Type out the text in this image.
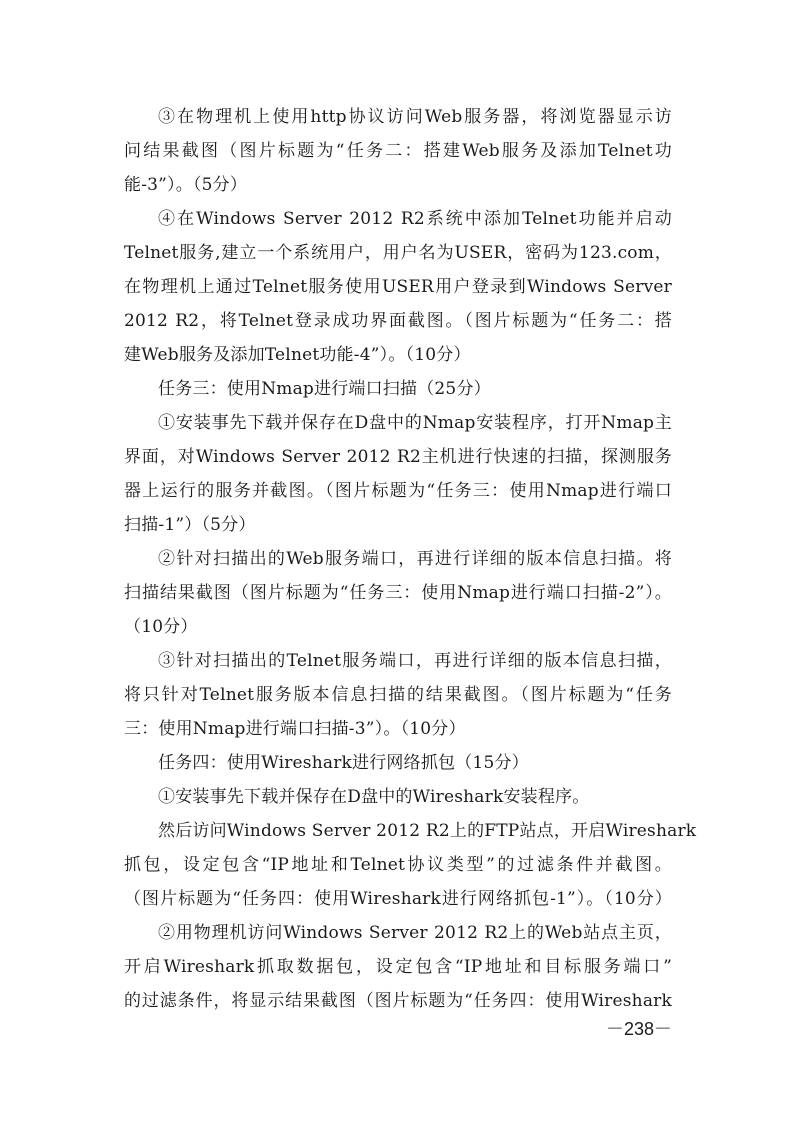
③在物理机上使用http协议访问Web服务器，将浏览器显示访
问结果截图（图片标题为“任务二：搭建Web服务及添加Telnet功
能-3”）。（5分）
④在Windows Server 2012 R2系统中添加Telnet功能并启动
Telnet服务,建立一个系统用户，用户名为USER，密码为123.com，
在物理机上通过Telnet服务使用USER用户登录到Windows Server
2012 R2，将Telnet登录成功界面截图。（图片标题为“任务二：搭
建Web服务及添加Telnet功能-4”）。（10分）
任务三：使用Nmap进行端口扫描（25分）
①安装事先下载并保存在D盘中的Nmap安装程序，打开Nmap主
界面，对Windows Server 2012 R2主机进行快速的扫描，探测服务
器上运行的服务并截图。（图片标题为“任务三：使用Nmap进行端口
扫描-1”）（5分）
②针对扫描出的Web服务端口，再进行详细的版本信息扫描。将
扫描结果截图（图片标题为“任务三：使用Nmap进行端口扫描-2”）。
（10分）
③针对扫描出的Telnet服务端口，再进行详细的版本信息扫描，
将只针对Telnet服务版本信息扫描的结果截图。（图片标题为“任务
三：使用Nmap进行端口扫描-3”）。（10分）
任务四：使用Wireshark进行网络抓包（15分）
①安装事先下载并保存在D盘中的Wireshark安装程序。
然后访问Windows Server 2012 R2上的FTP站点，开启Wireshark
抓包，设定包含“IP地址和Telnet协议类型”的过滤条件并截图。
（图片标题为“任务四：使用Wireshark进行网络抓包-1”）。（10分）
②用物理机访问Windows Server 2012 R2上的Web站点主页，
开启Wireshark抓取数据包，设定包含“IP地址和目标服务端口”
的过滤条件，将显示结果截图（图片标题为“任务四：使用Wireshark
－238－
